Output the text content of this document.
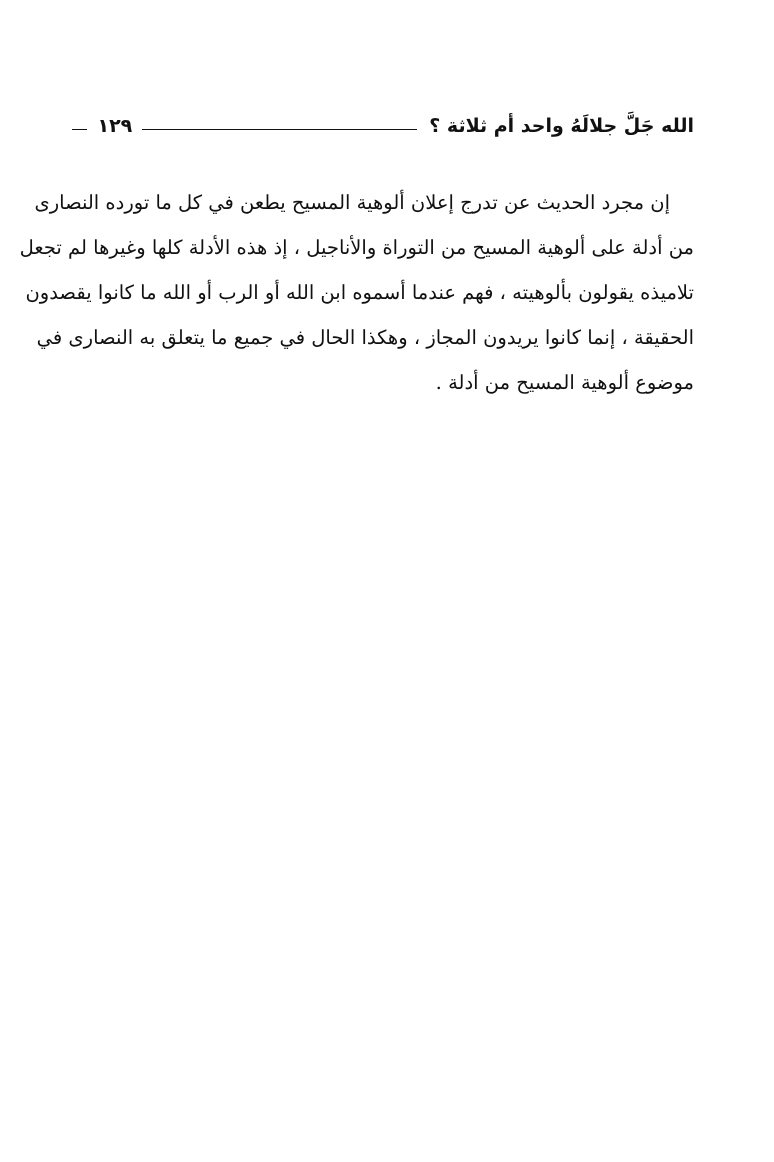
الله جَلَّ جلالَهُ واحد أم ثلاثة ؟
١٢٩
إن مجرد الحديث عن تدرج إعلان ألوهية المسيح يطعن في كل ما تورده النصارى
من أدلة على ألوهية المسيح من التوراة والأناجيل ، إذ هذه الأدلة كلها وغيرها لم تجعل
تلاميذه يقولون بألوهيته ، فهم عندما أسموه ابن الله أو الرب أو الله ما كانوا يقصدون
الحقيقة ، إنما كانوا يريدون المجاز ، وهكذا الحال في جميع ما يتعلق به النصارى في
موضوع ألوهية المسيح من أدلة .
